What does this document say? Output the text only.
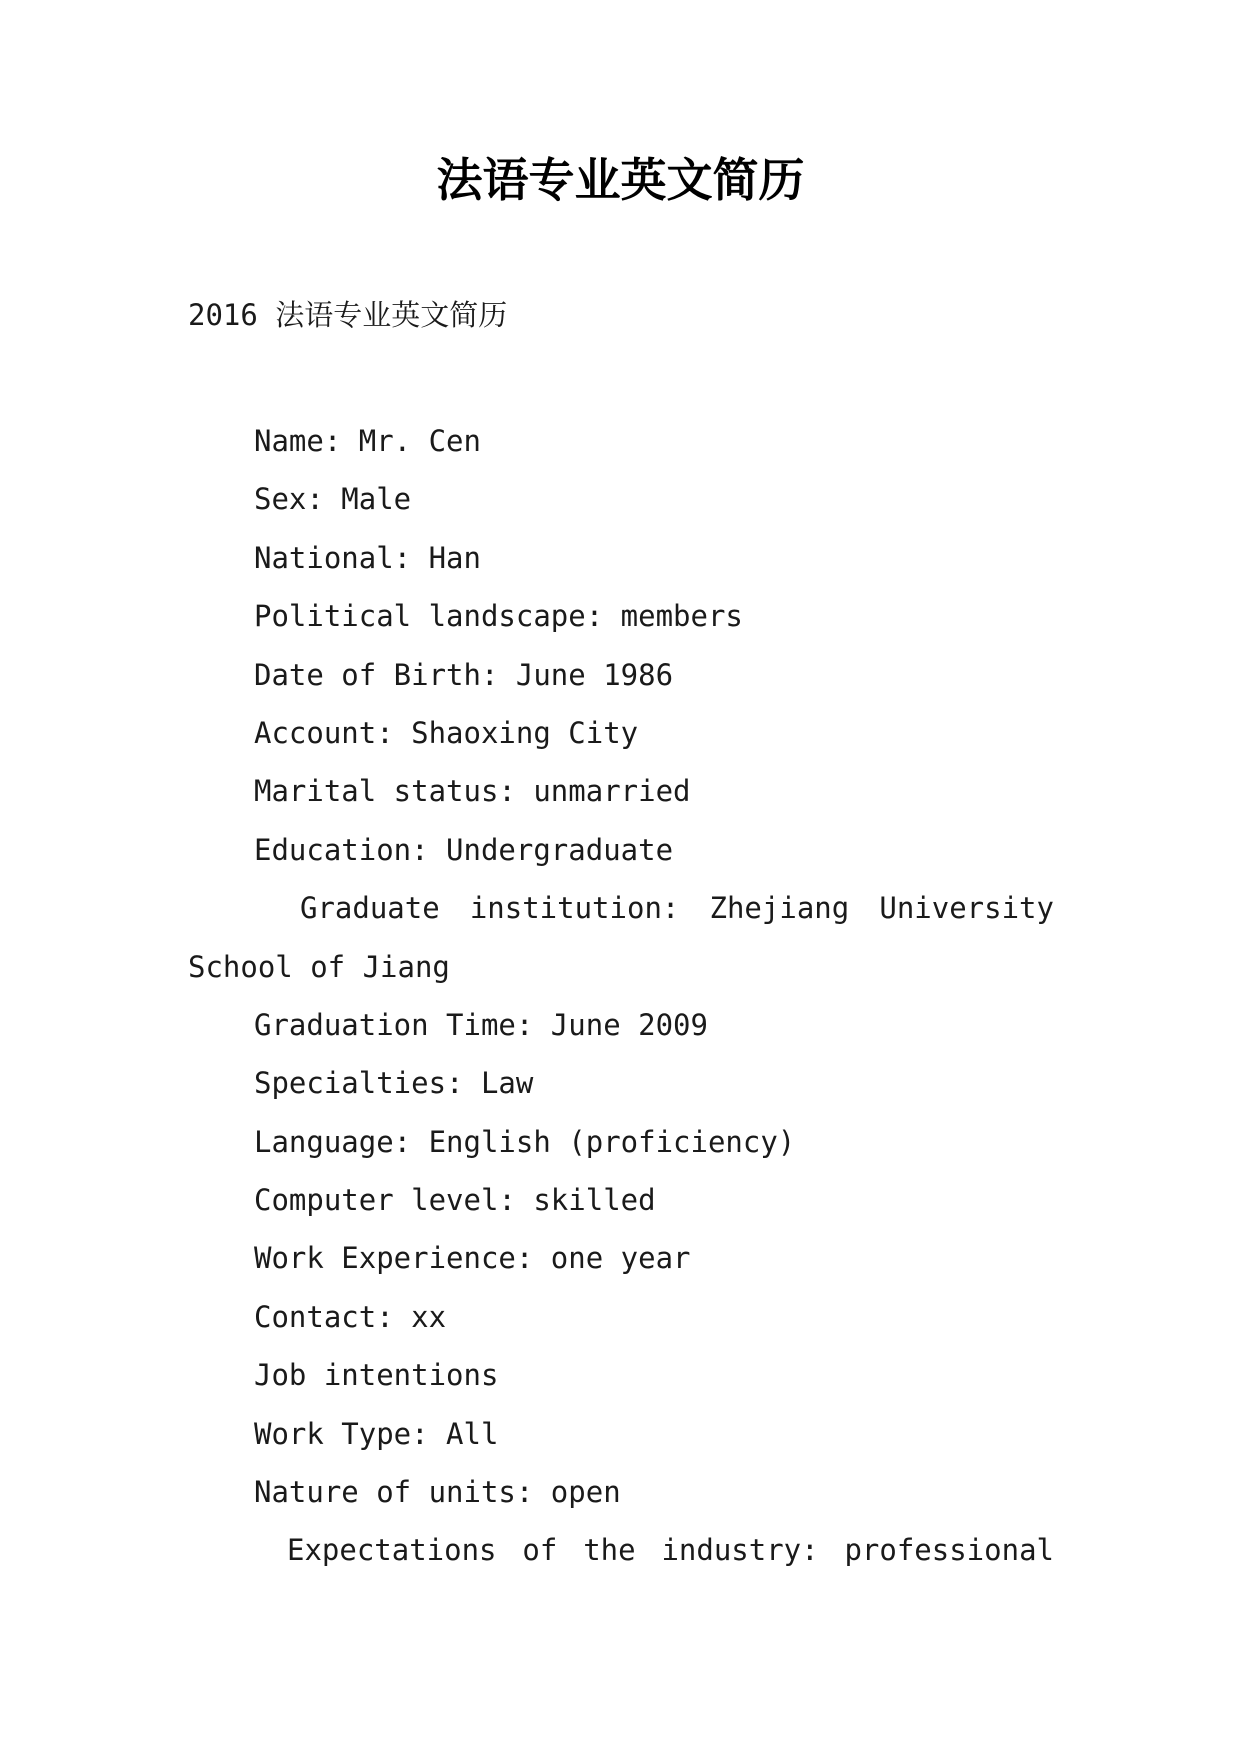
法语专业英文简历
2016 法语专业英文简历
Name: Mr. Cen
Sex: Male
National: Han
Political landscape: members
Date of Birth: June 1986
Account: Shaoxing City
Marital status: unmarried
Education: Undergraduate
Graduate institution: Zhejiang University
School of Jiang
Graduation Time: June 2009
Specialties: Law
Language: English (proficiency)
Computer level: skilled
Work Experience: one year
Contact: xx
Job intentions
Work Type: All
Nature of units: open
Expectations of the industry: professional
